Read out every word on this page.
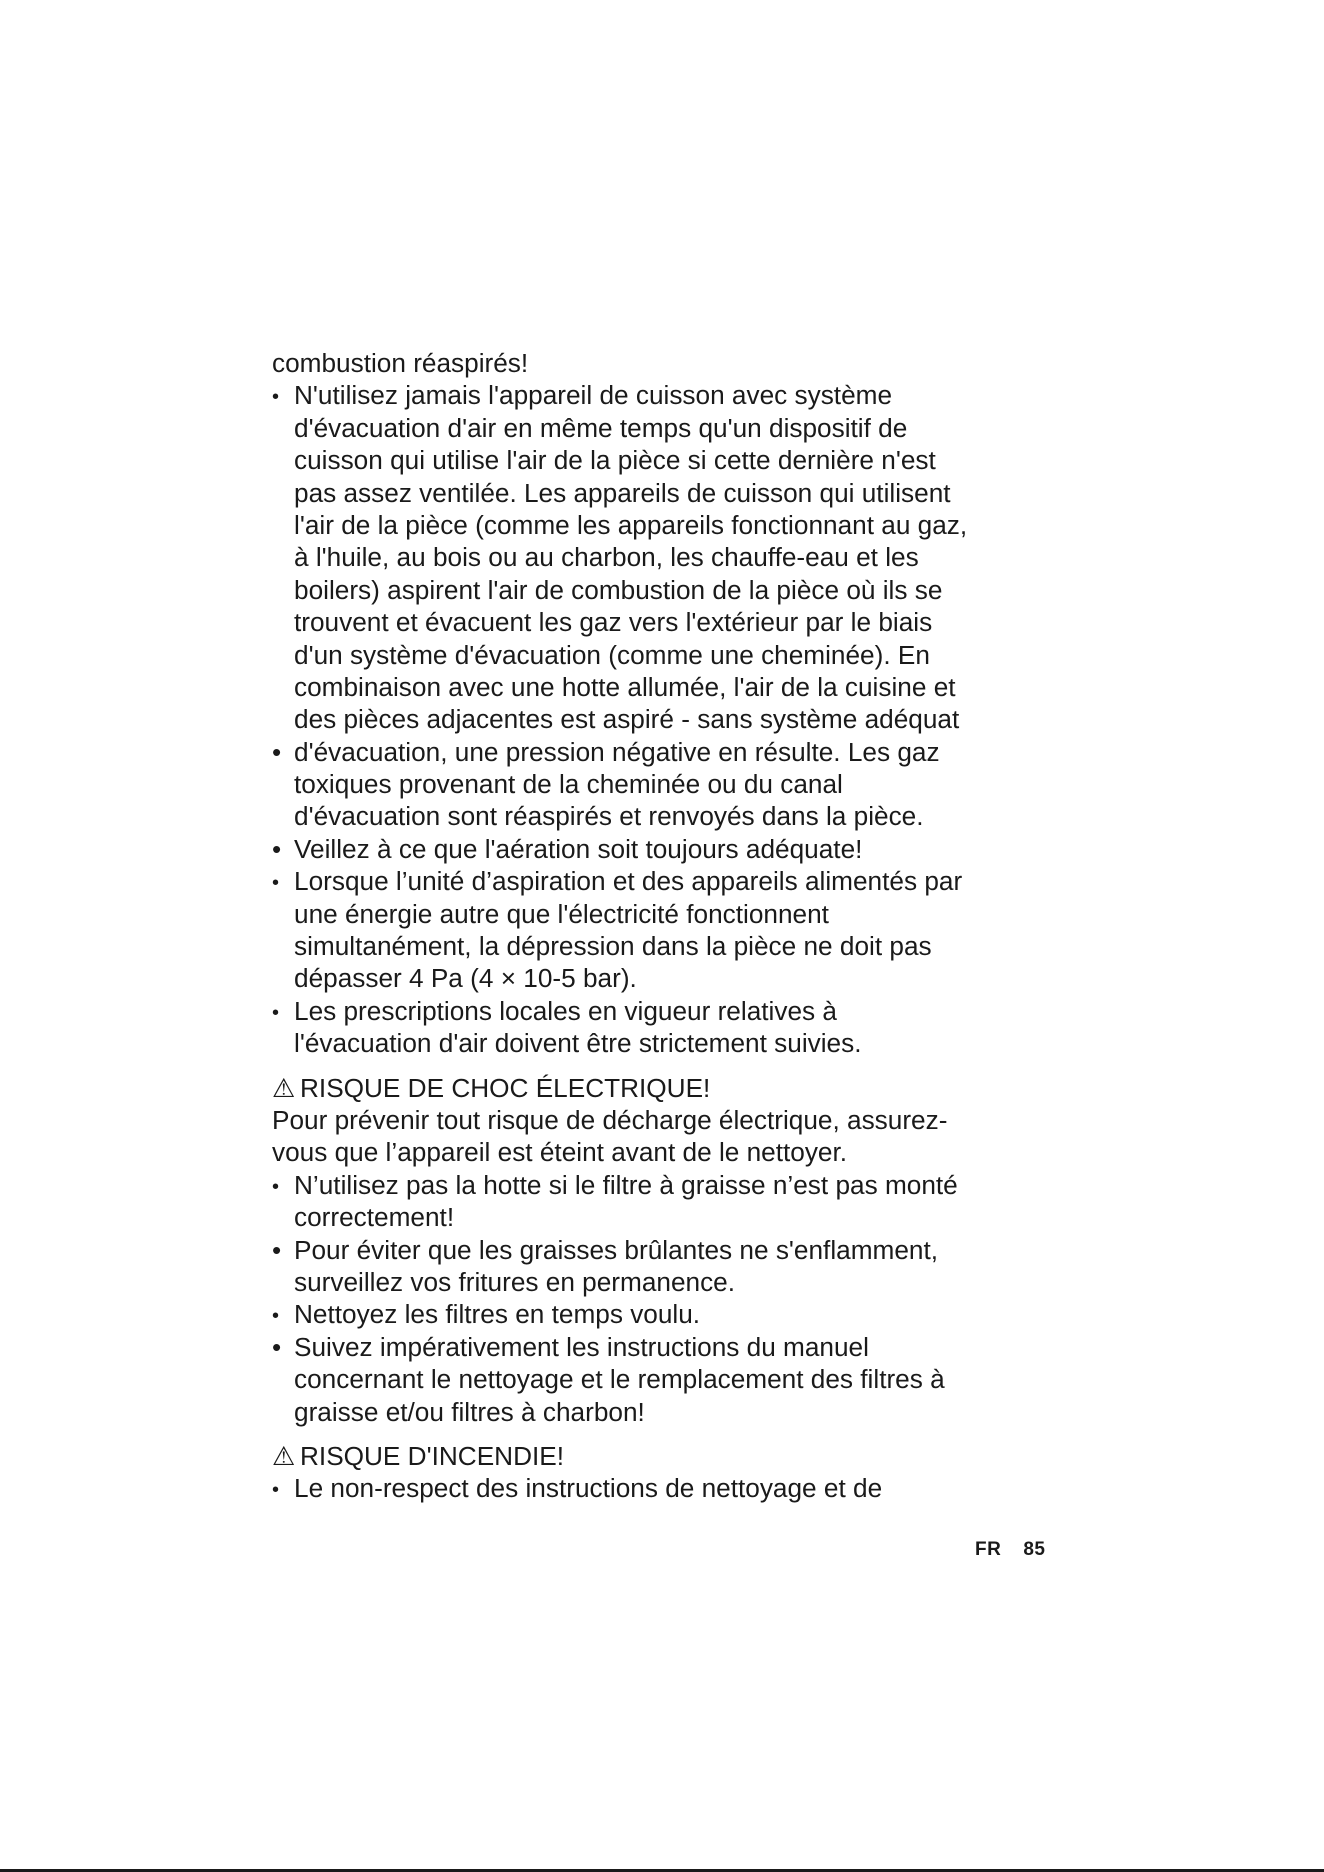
combustion réaspirés!
• N'utilisez jamais l'appareil de cuisson avec système
d'évacuation d'air en même temps qu'un dispositif de
cuisson qui utilise l'air de la pièce si cette dernière n'est
pas assez ventilée. Les appareils de cuisson qui utilisent
l'air de la pièce (comme les appareils fonctionnant au gaz,
à l'huile, au bois ou au charbon, les chauffe-eau et les
boilers) aspirent l'air de combustion de la pièce où ils se
trouvent et évacuent les gaz vers l'extérieur par le biais
d'un système d'évacuation (comme une cheminée). En
combinaison avec une hotte allumée, l'air de la cuisine et
des pièces adjacentes est aspiré - sans système adéquat
• d'évacuation, une pression négative en résulte. Les gaz
toxiques provenant de la cheminée ou du canal
d'évacuation sont réaspirés et renvoyés dans la pièce.
• Veillez à ce que l'aération soit toujours adéquate!
• Lorsque l’unité d’aspiration et des appareils alimentés par
une énergie autre que l'électricité fonctionnent
simultanément, la dépression dans la pièce ne doit pas
dépasser 4 Pa (4 × 10-5 bar).
• Les prescriptions locales en vigueur relatives à
l'évacuation d'air doivent être strictement suivies.
⚠ RISQUE DE CHOC ÉLECTRIQUE!
Pour prévenir tout risque de décharge électrique, assurez-
vous que l’appareil est éteint avant de le nettoyer.
• N’utilisez pas la hotte si le filtre à graisse n’est pas monté
correctement!
• Pour éviter que les graisses brûlantes ne s'enflamment,
surveillez vos fritures en permanence.
• Nettoyez les filtres en temps voulu.
• Suivez impérativement les instructions du manuel
concernant le nettoyage et le remplacement des filtres à
graisse et/ou filtres à charbon!
⚠ RISQUE D'INCENDIE!
• Le non-respect des instructions de nettoyage et de
FR 85
